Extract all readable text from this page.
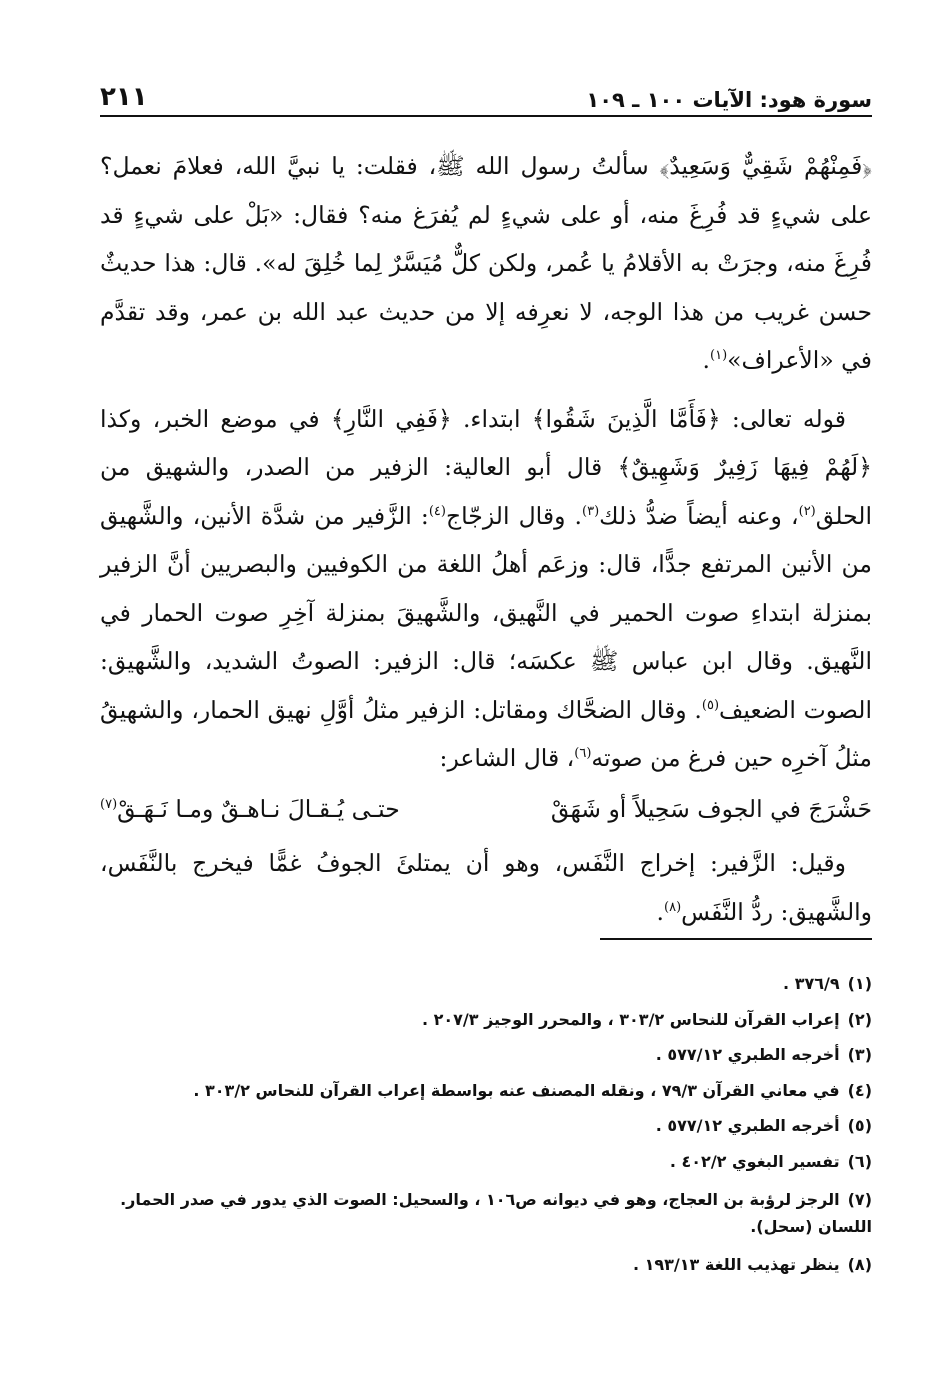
سورة هود: الآيات ١٠٠ ـ ١٠٩
٢١١

﴿فَمِنْهُمْ شَقِيٌّ وَسَعِيدٌ﴾ سألتُ رسول الله ﷺ، فقلت: يا نبيَّ الله، فعلامَ نعمل؟ على شيءٍ قد فُرِغَ منه، أو على شيءٍ لم يُفرَغ منه؟ فقال: «بَلْ على شيءٍ قد فُرِغَ منه، وجرَتْ به الأقلامُ يا عُمر، ولكن كلٌّ مُيَسَّرٌ لِما خُلِقَ له». قال: هذا حديثٌ حسن غريب من هذا الوجه، لا نعرِفه إلا من حديث عبد الله بن عمر، وقد تقدَّم في «الأعراف»$^{(١)}$.

قوله تعالى: ﴿فَأَمَّا الَّذِينَ شَقُوا﴾ ابتداء. ﴿فَفِي النَّارِ﴾ في موضع الخبر، وكذا ﴿لَهُمْ فِيهَا زَفِيرٌ وَشَهِيقٌ﴾ قال أبو العالية: الزفير من الصدر، والشهيق من الحلق$^{(٢)}$، وعنه أيضاً ضدُّ ذلك$^{(٣)}$. وقال الزجّاج$^{(٤)}$: الزَّفير من شدَّة الأنين، والشَّهيق من الأنين المرتفع جدًّا، قال: وزعَم أهلُ اللغة من الكوفيين والبصريين أنَّ الزفير بمنزلة ابتداءِ صوت الحمير في النَّهيق، والشَّهيقَ بمنزلة آخِرِ صوت الحمار في النَّهيق. وقال ابن عباس ﷺ عكسَه؛ قال: الزفير: الصوتُ الشديد، والشَّهيق: الصوت الضعيف$^{(٥)}$. وقال الضحَّاك ومقاتل: الزفير مثلُ أوَّلِ نهيق الحمار، والشهيقُ مثلُ آخرِه حين فرغ من صوته$^{(٦)}$، قال الشاعر:

حَشْرَجَ في الجوف سَحِيلاً أو شَهَقْ
حتـى يُـقـالَ نـاهـقٌ ومـا نَـهَـقْ$^{(٧)}$

وقيل: الزَّفير: إخراج النَّفَس، وهو أن يمتلئَ الجوفُ غمًّا فيخرج بالنَّفَس، والشَّهيق: ردُّ النَّفَس$^{(٨)}$.

(١)٣٧٦/٩ .
(٢)إعراب القرآن للنحاس ٣٠٣/٢ ، والمحرر الوجيز ٢٠٧/٣ .
(٣)أخرجه الطبري ٥٧٧/١٢ .
(٤)في معاني القرآن ٧٩/٣ ، ونقله المصنف عنه بواسطة إعراب القرآن للنحاس ٣٠٣/٢ .
(٥)أخرجه الطبري ٥٧٧/١٢ .
(٦)تفسير البغوي ٤٠٢/٢ .
(٧)الرجز لرؤبة بن العجاج، وهو في ديوانه ص١٠٦ ، والسحيل: الصوت الذي يدور في صدر الحمار. اللسان (سحل).
(٨)ينظر تهذيب اللغة ١٩٣/١٣ .
